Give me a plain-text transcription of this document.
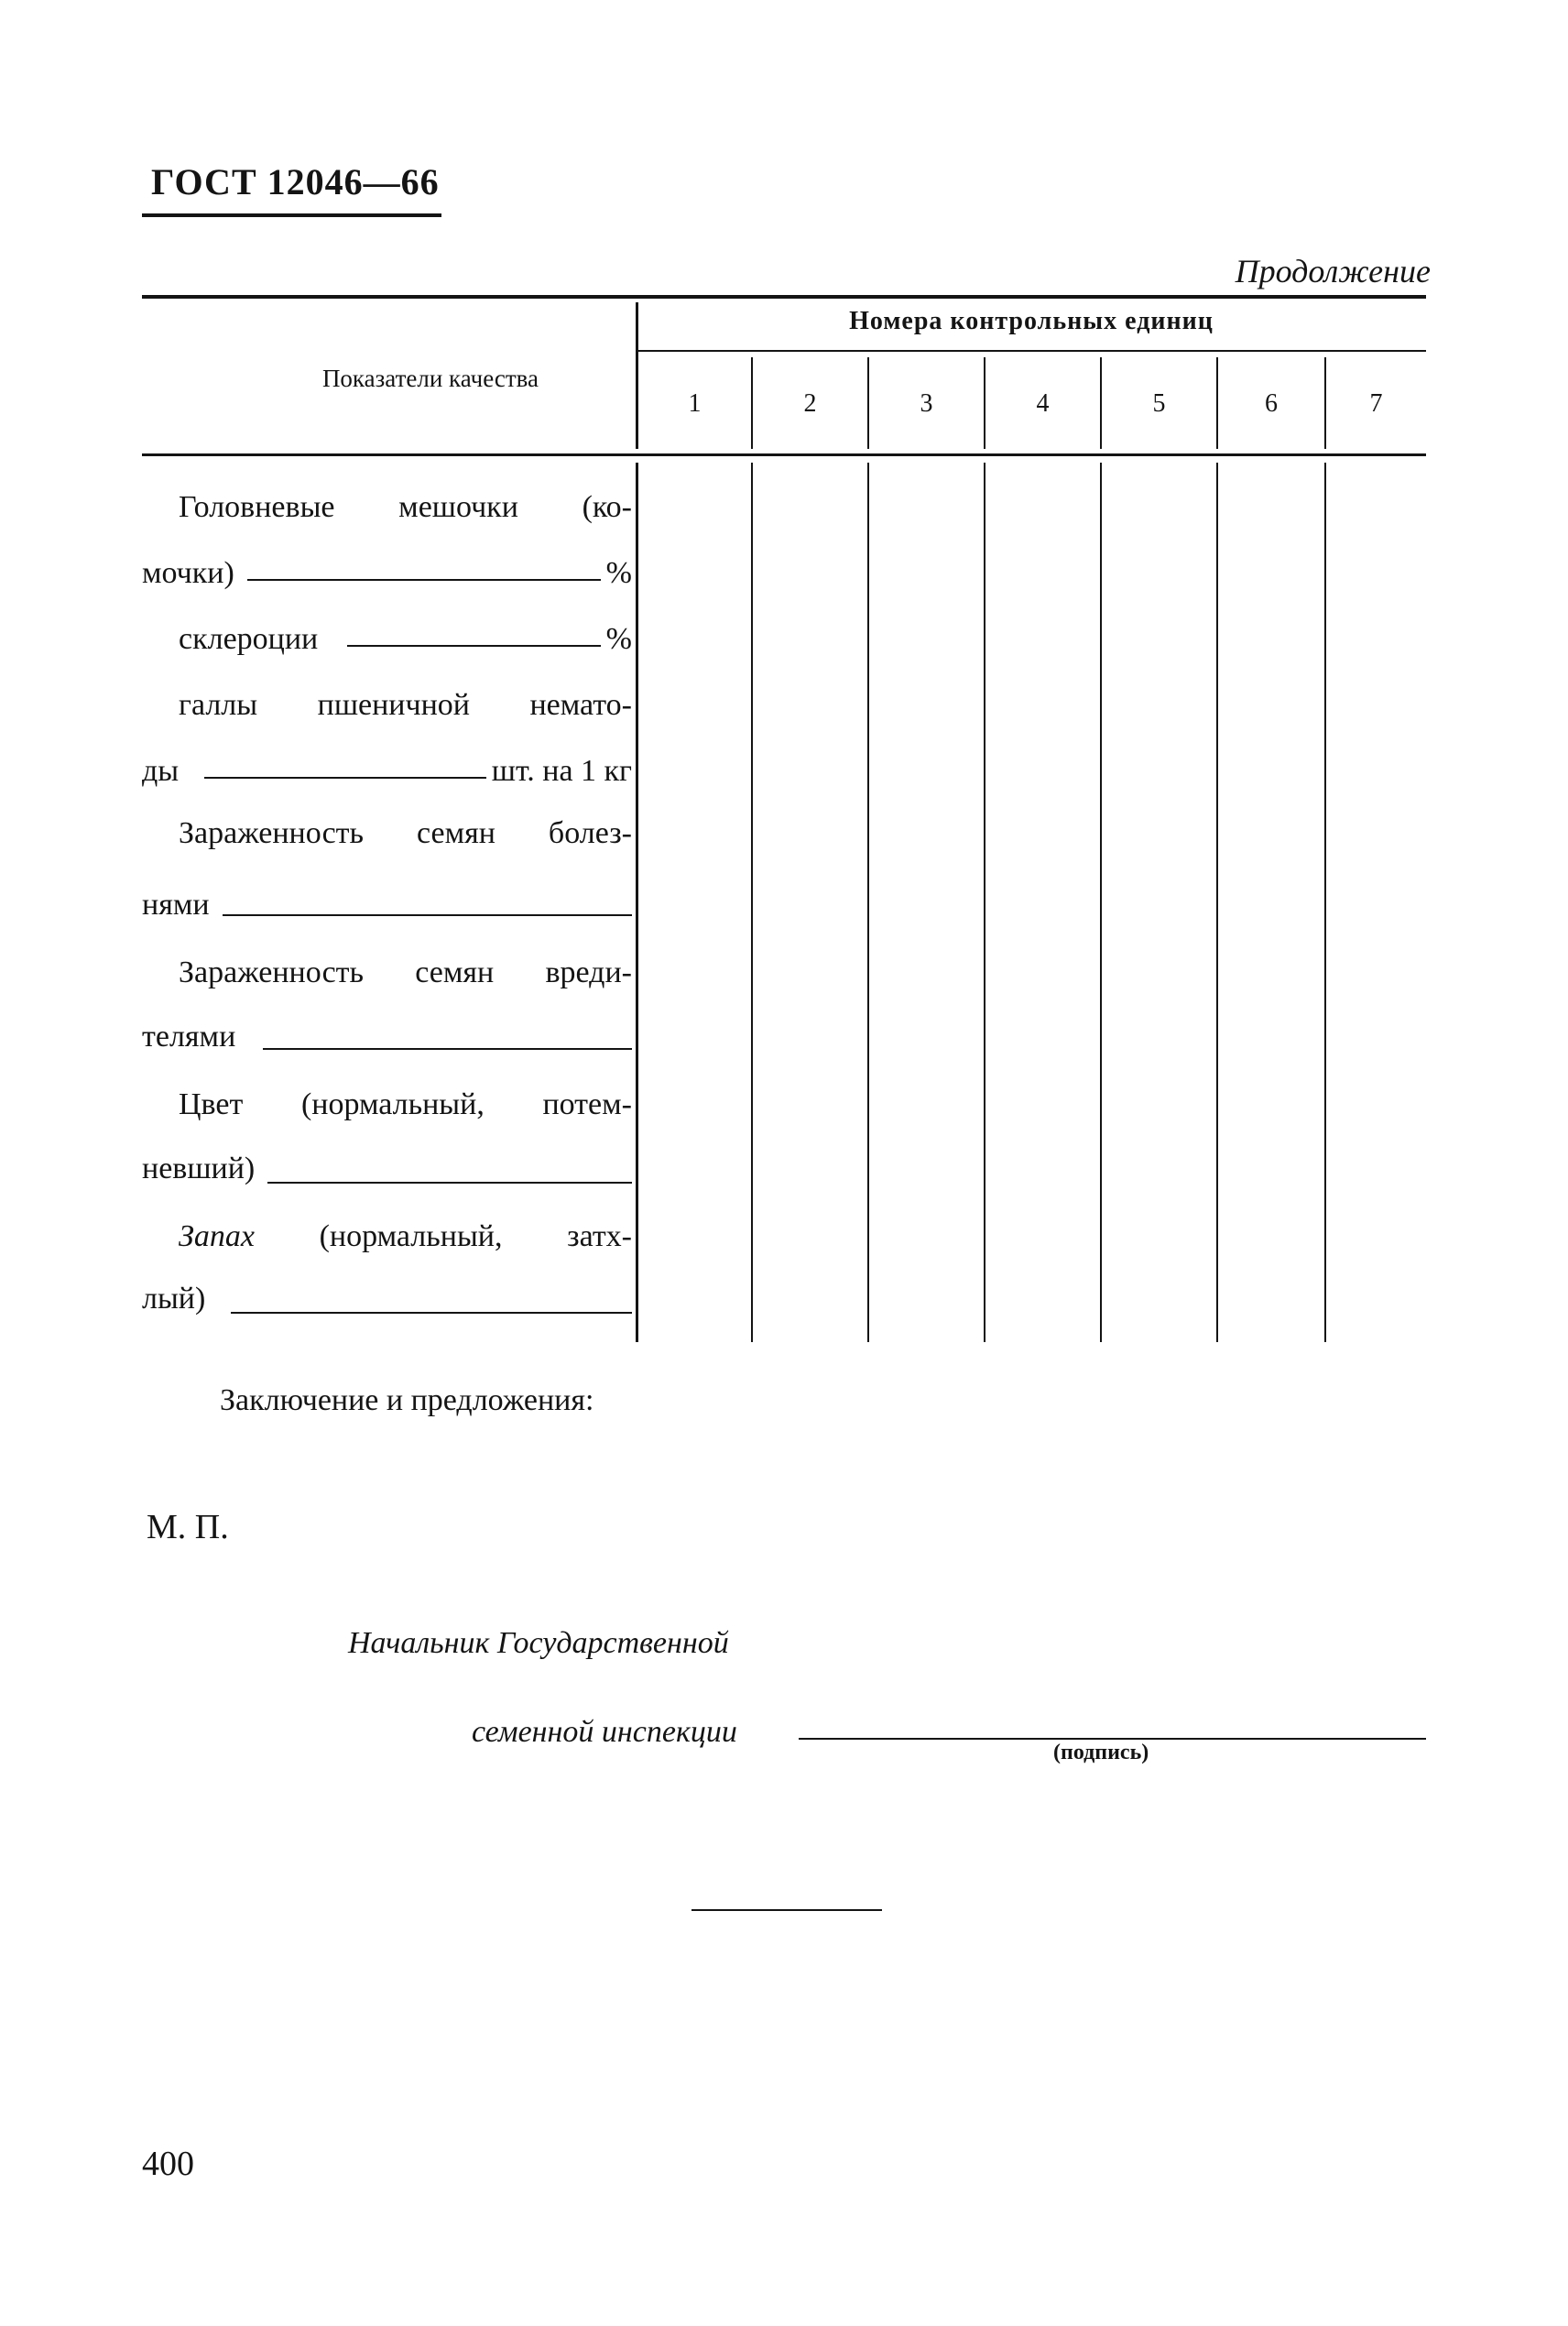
ГОСТ 12046—66
Продолжение
Показатели качества
Номера контрольных единиц
1	2	3	4	5	6	7
Головневые мешочки (ко-
мочки)	%
склероции	%
галлы пшеничной немато-
ды	шт. на 1 кг
Зараженность семян болез-
нями
Зараженность семян вреди-
телями
Цвет (нормальный, потем-
невший)
Запах (нормальный, затх-
лый)
Заключение и предложения:
М. П.
Начальник Государственной
семенной инспекции
(подпись)
400
